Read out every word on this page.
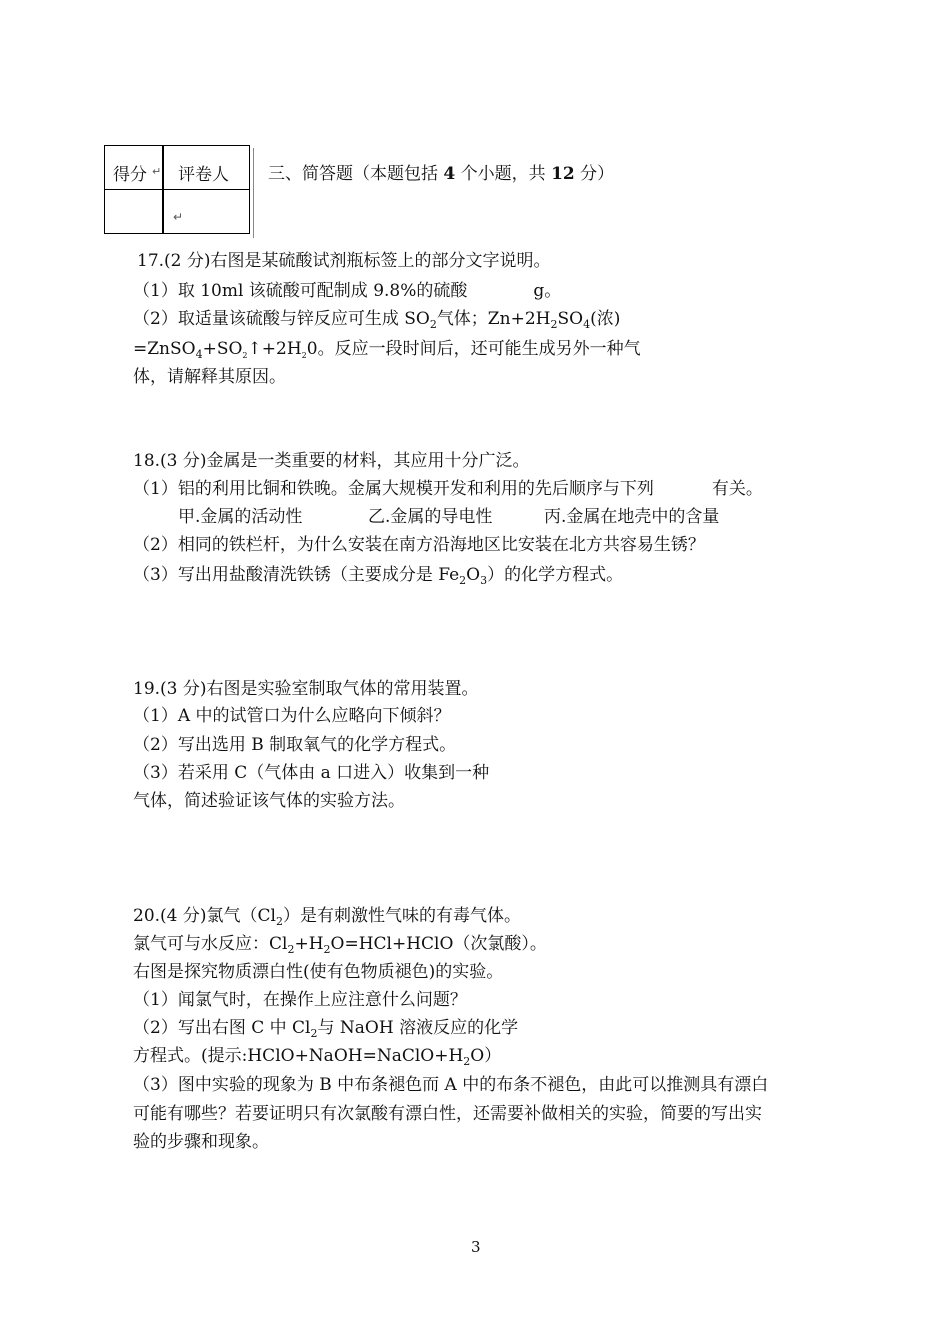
得分 ↵ 评卷人
↵
三、简答题（本题包括 4 个小题，共 12 分）
17.(2 分)右图是某硫酸试剂瓶标签上的部分文字说明。
（1）取 10ml 该硫酸可配制成 9.8%的硫酸	g。
（2）取适量该硫酸与锌反应可生成 $SO_2$气体；$Zn+2H_2SO_4$(浓)
$=ZnSO_4+SO_2↑+2H_20$。反应一段时间后，还可能生成另外一种气
体，请解释其原因。
18.(3 分)金属是一类重要的材料，其应用十分广泛。
（1）铝的利用比铜和铁晚。金属大规模开发和利用的先后顺序与下列	有关。
甲.金属的活动性	乙.金属的导电性	丙.金属在地壳中的含量
（2）相同的铁栏杆，为什么安装在南方沿海地区比安装在北方共容易生锈？
（3）写出用盐酸清洗铁锈（主要成分是 $Fe_2O_3$）的化学方程式。
19.(3 分)右图是实验室制取气体的常用装置。
（1）A 中的试管口为什么应略向下倾斜？
（2）写出选用 B 制取氧气的化学方程式。
（3）若采用 C（气体由 a 口进入）收集到一种
气体，简述验证该气体的实验方法。
20.(4 分)氯气$(Cl_2)$是有刺激性气味的有毒气体。
氯气可与水反应：$Cl_2+H_2O=HCl+HClO$（次氯酸）。
右图是探究物质漂白性(使有色物质褪色)的实验。
（1）闻氯气时，在操作上应注意什么问题？
（2）写出右图 C 中 $Cl_2$与 NaOH 溶液反应的化学
方程式。(提示$:HClO+NaOH=NaClO+H_2O$）
（3）图中实验的现象为 B 中布条褪色而 A 中的布条不褪色，由此可以推测具有漂白
可能有哪些？若要证明只有次氯酸有漂白性，还需要补做相关的实验，简要的写出实
验的步骤和现象。
3
